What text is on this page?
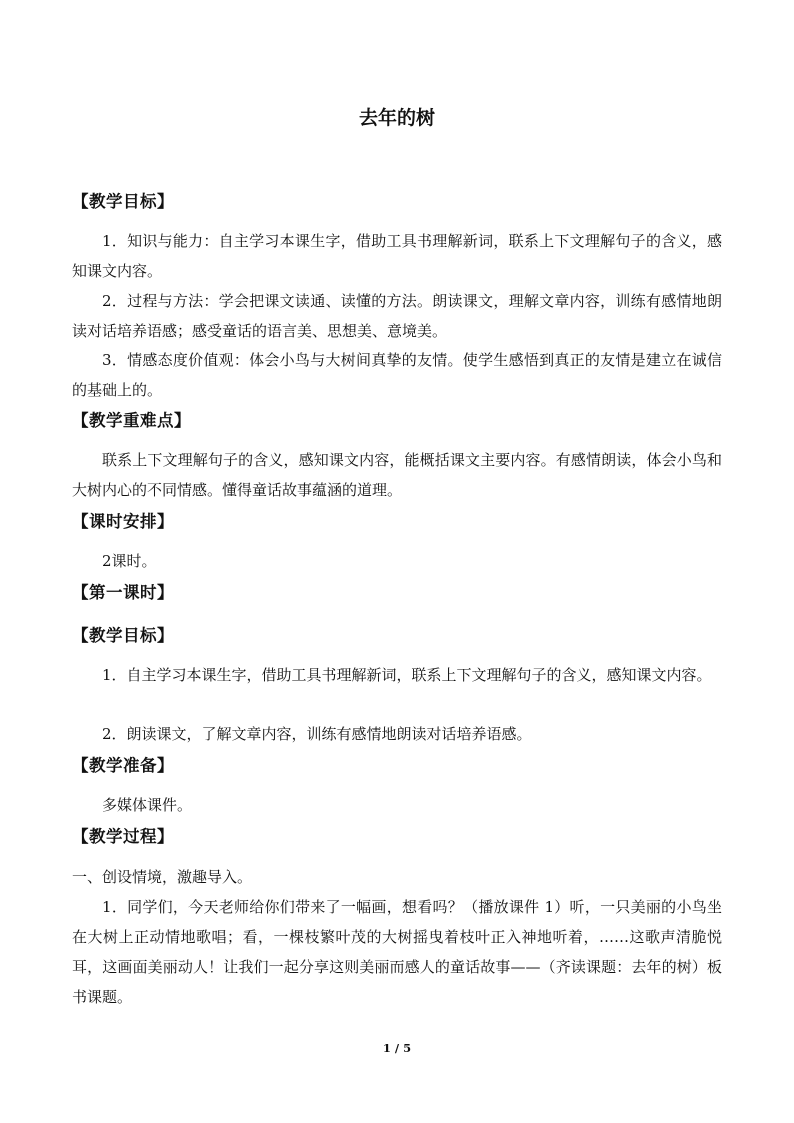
去年的树
【教学目标】
1．知识与能力：自主学习本课生字，借助工具书理解新词，联系上下文理解句子的含义，感知课文内容。
2．过程与方法：学会把课文读通、读懂的方法。朗读课文，理解文章内容，训练有感情地朗读对话培养语感；感受童话的语言美、思想美、意境美。
3．情感态度价值观：体会小鸟与大树间真挚的友情。使学生感悟到真正的友情是建立在诚信的基础上的。
【教学重难点】
联系上下文理解句子的含义，感知课文内容，能概括课文主要内容。有感情朗读，体会小鸟和大树内心的不同情感。懂得童话故事蕴涵的道理。
【课时安排】
2课时。
【第一课时】
【教学目标】
1．自主学习本课生字，借助工具书理解新词，联系上下文理解句子的含义，感知课文内容。
2．朗读课文，了解文章内容，训练有感情地朗读对话培养语感。
【教学准备】
多媒体课件。
【教学过程】
一、创设情境，激趣导入。
1．同学们，今天老师给你们带来了一幅画，想看吗？（播放课件 1）听，一只美丽的小鸟坐在大树上正动情地歌唱；看，一棵枝繁叶茂的大树摇曳着枝叶正入神地听着，……这歌声清脆悦耳，这画面美丽动人！让我们一起分享这则美丽而感人的童话故事——（齐读课题：去年的树）板书课题。
1 / 5
